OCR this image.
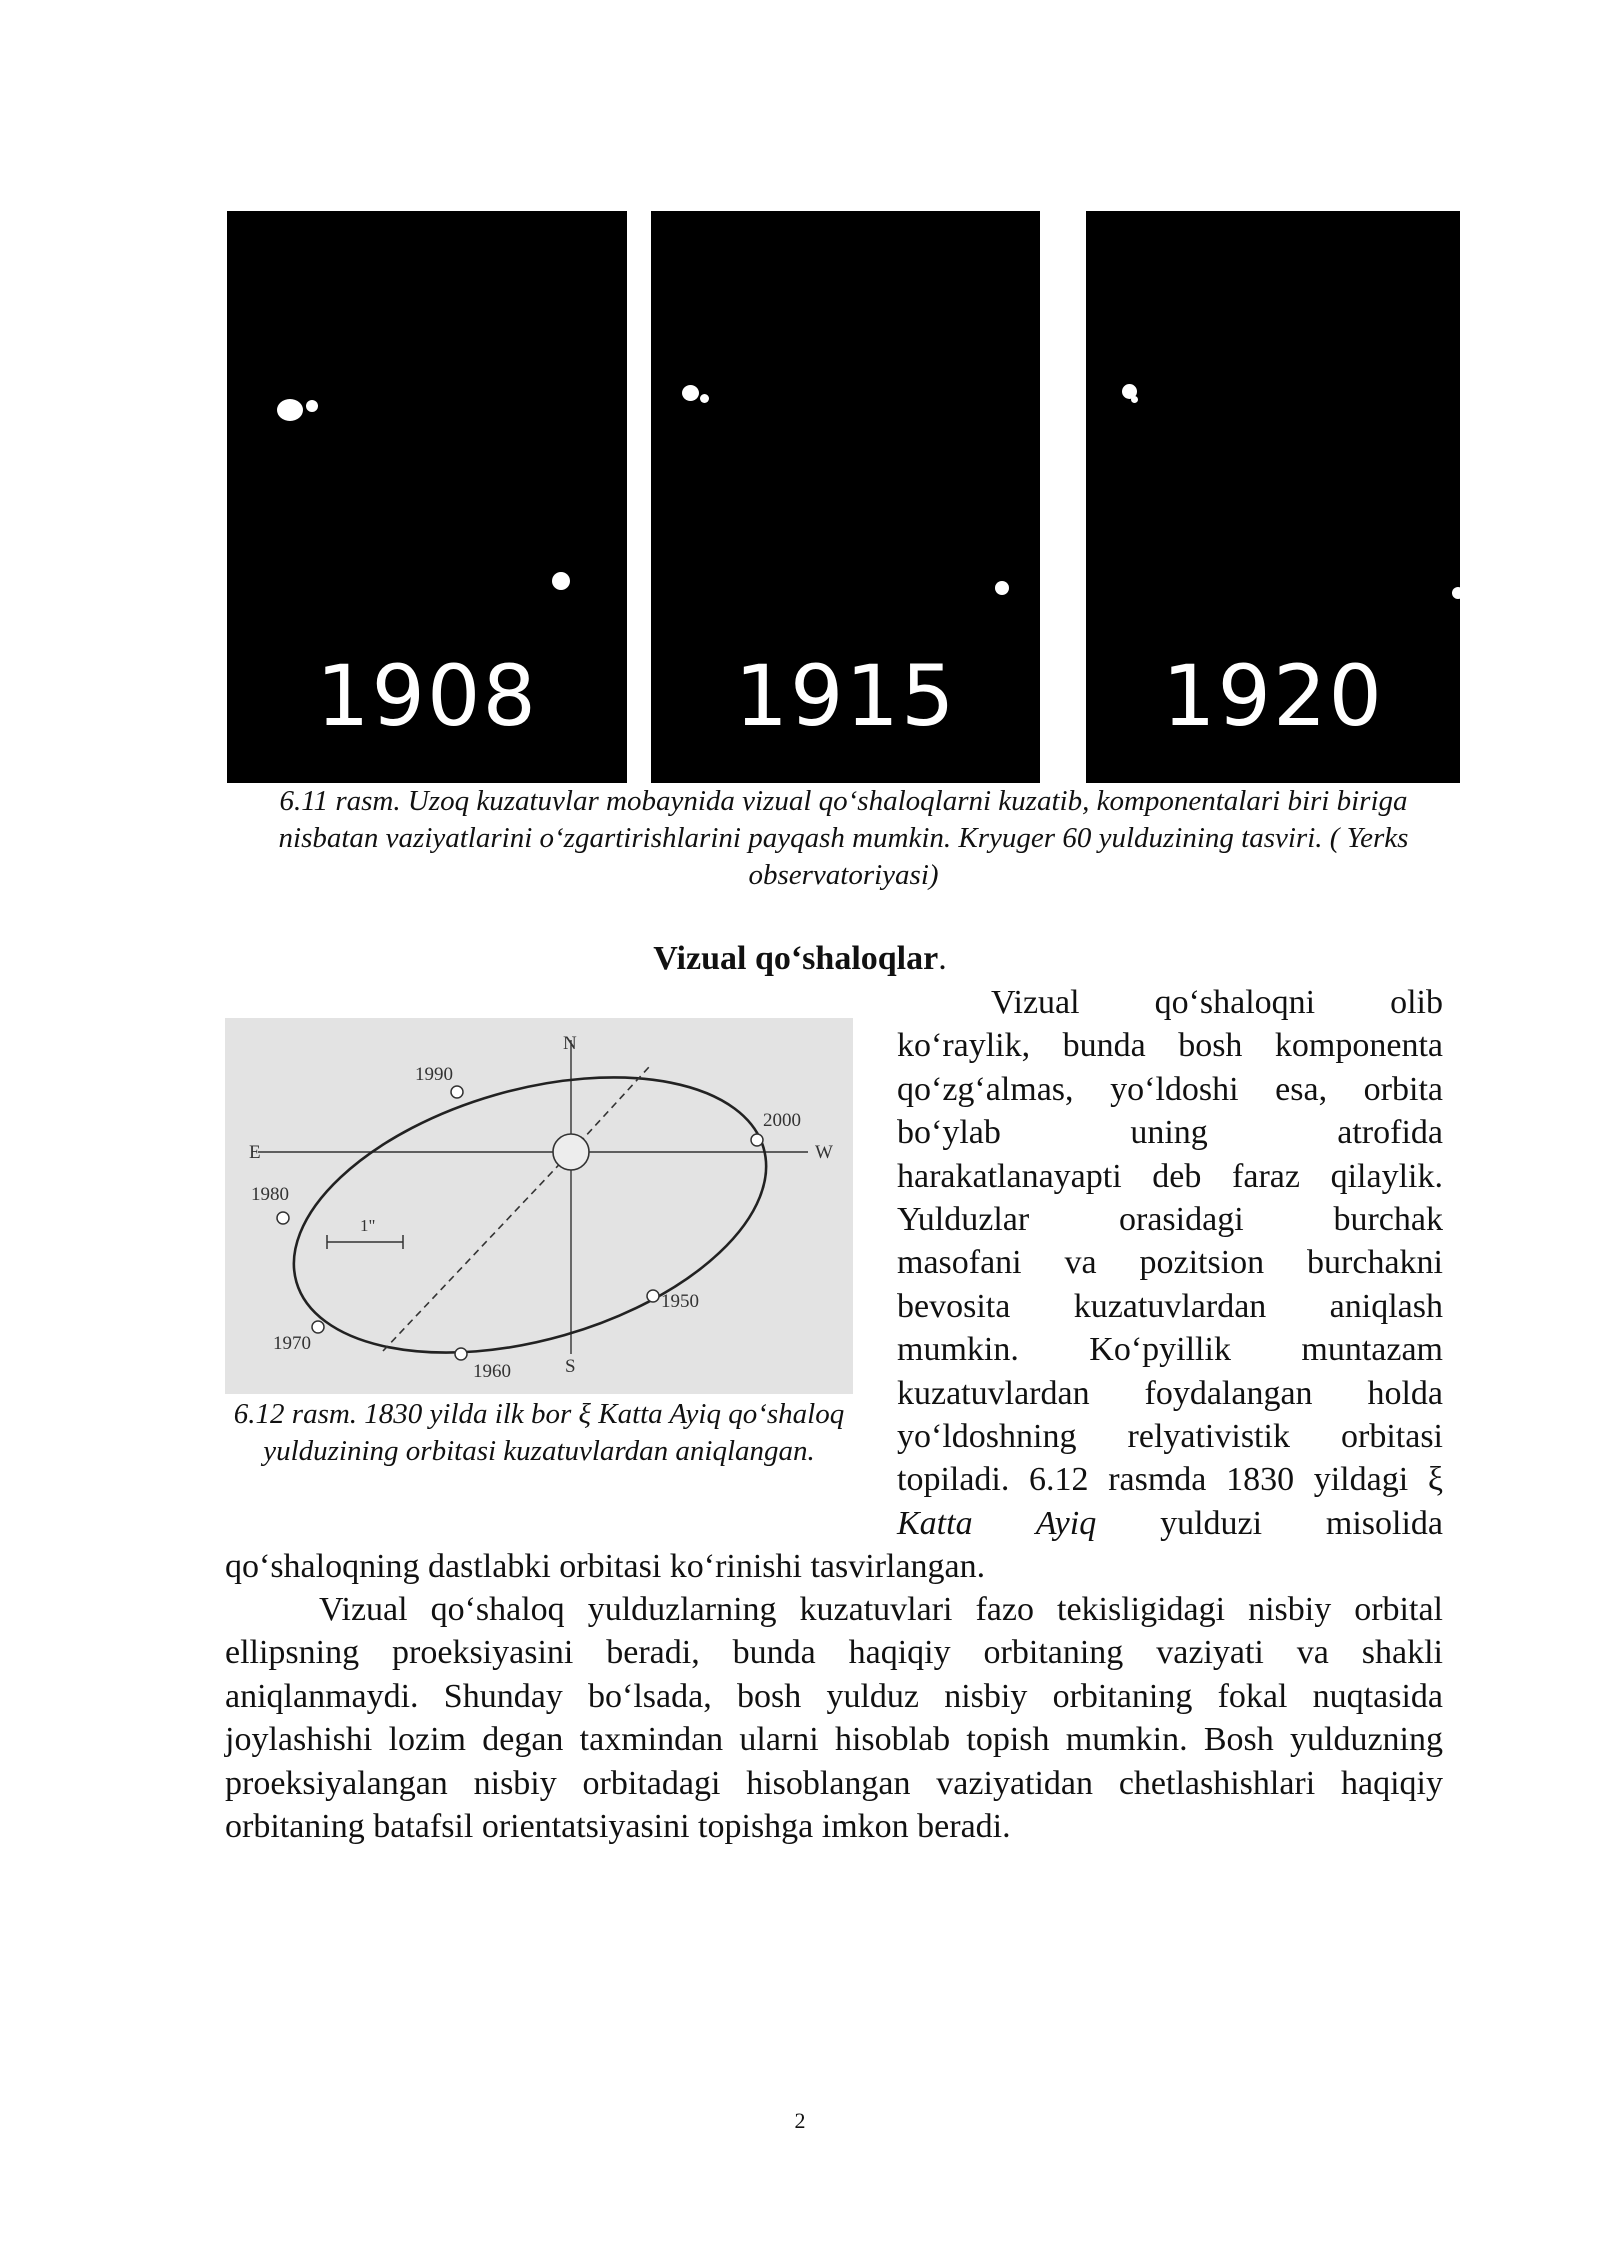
1908	1915	1920
6.11 rasm. Uzoq kuzatuvlar mobaynida vizual qo‘shaloqlarni kuzatib, komponentalari biri biriga nisbatan vaziyatlarini o‘zgartirishlarini payqash mumkin. Kryuger 60 yulduzining tasviri. ( Yerks observatoriyasi)
Vizual qo‘shaloqlar.
1"
N
S
E	W
1990
2000
1980
1950
1970
1960
6.12 rasm. 1830 yilda ilk bor ξ Katta Ayiq qo‘shaloq yulduzining orbitasi kuzatuvlardan aniqlangan.
Vizual qo‘shaloqni olib
ko‘raylik, bunda bosh komponenta
qo‘zg‘almas, yo‘ldoshi esa, orbita
bo‘ylab uning atrofida
harakatlanayapti deb faraz qilaylik.
Yulduzlar orasidagi burchak
masofani va pozitsion burchakni
bevosita kuzatuvlardan aniqlash
mumkin. Ko‘pyillik muntazam
kuzatuvlardan foydalangan holda
yo‘ldoshning relyativistik orbitasi
topiladi. 6.12 rasmda 1830 yildagi ξ
Katta Ayiq yulduzi misolida
qo‘shaloqning dastlabki orbitasi ko‘rinishi tasvirlangan.
Vizual qo‘shaloq yulduzlarning kuzatuvlari fazo tekisligidagi nisbiy orbital ellipsning proeksiyasini beradi, bunda haqiqiy orbitaning vaziyati va shakli aniqlanmaydi. Shunday bo‘lsada, bosh yulduz nisbiy orbitaning fokal nuqtasida joylashishi lozim degan taxmindan ularni hisoblab topish mumkin. Bosh yulduzning proeksiyalangan nisbiy orbitadagi hisoblangan vaziyatidan chetlashishlari haqiqiy orbitaning batafsil orientatsiyasini topishga imkon beradi.
2
